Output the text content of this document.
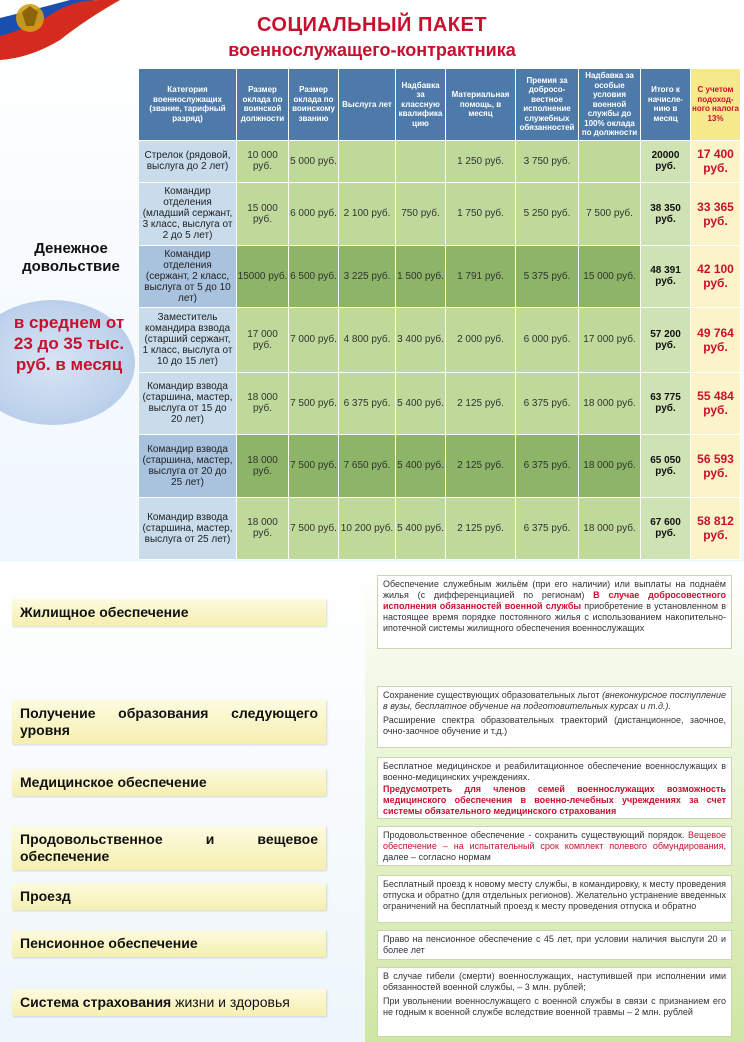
СОЦИАЛЬНЫЙ ПАКЕТ
военнослужащего-контрактника
Денежное
довольствие
в среднем от
23 до 35 тыс.
руб. в месяц
Категория военнослужащих (звание, тарифный разряд)	Размер оклада по воинской должности	Размер оклада по воинскому званию	Выслуга лет	Надбавка за классную квалифика цию	Материальная помощь, в месяц	Премия за добросо-вестное исполнение служебных обязанностей	Надбавка за особые условия военной службы до 100% оклада по должности	Итого к начисле-нию в месяц	С учетом подоход-ного налога 13%
Стрелок (рядовой, выслуга до 2 лет)	10 000 руб.	5 000 руб.			1 250 руб.	3 750 руб.		20000 руб.	17 400 руб.
Командир отделения (младший сержант, 3 класс, выслуга от 2 до 5 лет)	15 000 руб.	6 000 руб.	2 100 руб.	750 руб.	1 750 руб.	5 250 руб.	7 500 руб.	38 350 руб.	33 365 руб.
Командир отделения (сержант, 2 класс, выслуга от 5 до 10 лет)	15000 руб.	6 500 руб.	3 225 руб.	1 500 руб.	1 791 руб.	5 375 руб.	15 000 руб.	48 391 руб.	42 100 руб.
Заместитель командира взвода (старший сержант, 1 класс, выслуга от 10 до 15 лет)	17 000 руб.	7 000 руб.	4 800 руб.	3 400 руб.	2 000 руб.	6 000 руб.	17 000 руб.	57 200 руб.	49 764 руб.
Командир взвода (старшина, мастер, выслуга от 15 до 20 лет)	18 000 руб.	7 500 руб.	6 375 руб.	5 400 руб.	2 125 руб.	6 375 руб.	18 000 руб.	63 775 руб.	55 484 руб.
Командир взвода (старшина, мастер, выслуга от 20 до 25 лет)	18 000 руб.	7 500 руб.	7 650 руб.	5 400 руб.	2 125 руб.	6 375 руб.	18 000 руб.	65 050 руб.	56 593 руб.
Командир взвода (старшина, мастер, выслуга от 25 лет)	18 000 руб.	7 500 руб.	10 200 руб.	5 400 руб.	2 125 руб.	6 375 руб.	18 000 руб.	67 600 руб.	58 812 руб.
Жилищное обеспечение
Получение образования следующего уровня
Медицинское обеспечение
Продовольственное и вещевое обеспечение
Проезд
Пенсионное обеспечение
Система страхования жизни и здоровья
Обеспечение служебным жильём (при его наличии) или выплаты на поднаём жилья (с дифференциацией по регионам) В случае добросовестного исполнения обязанностей военной службы приобретение в установленном в настоящее время порядке постоянного жилья с использованием накопительно-ипотечной системы жилищного обеспечения военнослужащих

Сохранение существующих образовательных льгот (внеконкурсное поступление в вузы, бесплатное обучение на подготовительных курсах и т.д.).

Расширение спектра образовательных траекторий (дистанционное, заочное, очно-заочное обучение и т.д.)

Бесплатное медицинское и реабилитационное обеспечение военнослужащих в военно-медицинских учреждениях.

Предусмотреть для членов семей военнослужащих возможность медицинского обеспечения в военно-лечебных учреждениях за счет системы обязательного медицинского страхования

Продовольственное обеспечение - сохранить существующий порядок. Вещевое обеспечение – на испытательный срок комплект полевого обмундирования, далее – согласно нормам
Бесплатный проезд к новому месту службы, в командировку, к месту проведения отпуска и обратно (для отдельных регионов). Желательно устранение введенных ограничений на бесплатный проезд к месту проведения отпуска и обратно
Право на пенсионное обеспечение с 45 лет, при условии наличия выслуги 20 и более лет

В случае гибели (смерти) военнослужащих, наступившей при исполнении ими обязанностей военной службы, – 3 млн. рублей;

При увольнении военнослужащего с военной службы в связи с признанием его не годным к военной службе вследствие военной травмы – 2 млн. рублей
